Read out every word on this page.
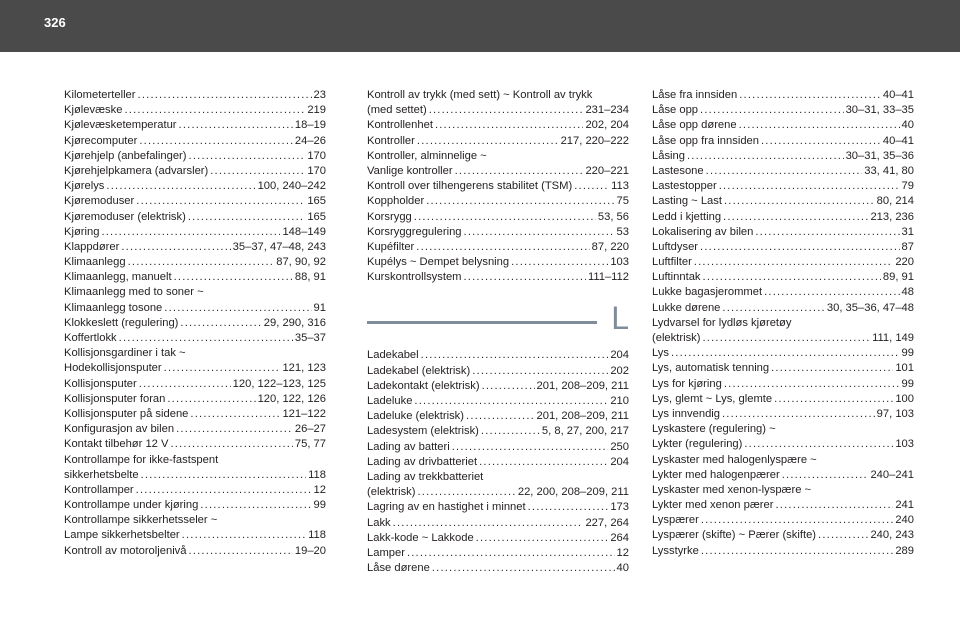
326
Kilometerteller .....	23
Kjølevæske .....	219
Kjølevæsketemperatur .....	18–19
Kjørecomputer .....	24–26
Kjørehjelp (anbefalinger) .....	170
Kjørehjelpkamera (advarsler) .....	170
Kjørelys .....	100, 240–242
Kjøremoduser .....	165
Kjøremoduser (elektrisk) .....	165
Kjøring .....	148–149
Klappdører .....	35–37, 47–48, 243
Klimaanlegg .....	87, 90, 92
Klimaanlegg, manuelt .....	88, 91
Klimaanlegg med to soner ~
Klimaanlegg tosone .....	91
Klokkeslett (regulering) .....	29, 290, 316
Koffertlokk .....	35–37
Kollisjonsgardiner i tak ~
Hodekollisjonsputer .....	121, 123
Kollisjonsputer .....	120, 122–123, 125
Kollisjonsputer foran .....	120, 122, 126
Kollisjonsputer på sidene .....	121–122
Konfigurasjon av bilen .....	26–27
Kontakt tilbehør 12 V .....	75, 77
Kontrollampe for ikke-fastspent
sikkerhetsbelte .....	118
Kontrollamper .....	12
Kontrollampe under kjøring .....	99
Kontrollampe sikkerhetsseler ~
Lampe sikkerhetsbelter .....	118
Kontroll av motoroljenivå .....	19–20
Kontroll av trykk (med sett) ~ Kontroll av trykk
(med settet) .....	231–234
Kontrollenhet .....	202, 204
Kontroller .....	217, 220–222
Kontroller, alminnelige ~
Vanlige kontroller .....	220–221
Kontroll over tilhengerens stabilitet (TSM) .....	113
Koppholder .....	75
Korsrygg .....	53, 56
Korsryggregulering .....	53
Kupéfilter .....	87, 220
Kupélys ~ Dempet belysning .....	103
Kurskontrollsystem .....	111–112
L
Ladekabel .....	204
Ladekabel (elektrisk) .....	202
Ladekontakt (elektrisk) .....	201, 208–209, 211
Ladeluke .....	210
Ladeluke (elektrisk) .....	201, 208–209, 211
Ladesystem (elektrisk) .....	5, 8, 27, 200, 217
Lading av batteri .....	250
Lading av drivbatteriet .....	204
Lading av trekkbatteriet
(elektrisk) .....	22, 200, 208–209, 211
Lagring av en hastighet i minnet .....	173
Lakk .....	227, 264
Lakk-kode ~ Lakkode .....	264
Lamper .....	12
Låse dørene .....	40
Låse fra innsiden .....	40–41
Låse opp .....	30–31, 33–35
Låse opp dørene .....	40
Låse opp fra innsiden .....	40–41
Låsing .....	30–31, 35–36
Lastesone .....	33, 41, 80
Lastestopper .....	79
Lasting ~ Last .....	80, 214
Ledd i kjetting .....	213, 236
Lokalisering av bilen .....	31
Luftdyser .....	87
Luftfilter .....	220
Luftinntak .....	89, 91
Lukke bagasjerommet .....	48
Lukke dørene .....	30, 35–36, 47–48
Lydvarsel for lydløs kjøretøy
(elektrisk) .....	111, 149
Lys .....	99
Lys, automatisk tenning .....	101
Lys for kjøring .....	99
Lys, glemt ~ Lys, glemte .....	100
Lys innvendig .....	97, 103
Lyskastere (regulering) ~
Lykter (regulering) .....	103
Lyskaster med halogenlyspære ~
Lykter med halogenpærer .....	240–241
Lyskaster med xenon-lyspære ~
Lykter med xenon pærer .....	241
Lyspærer .....	240
Lyspærer (skifte) ~ Pærer (skifte) .....	240, 243
Lysstyrke .....	289
